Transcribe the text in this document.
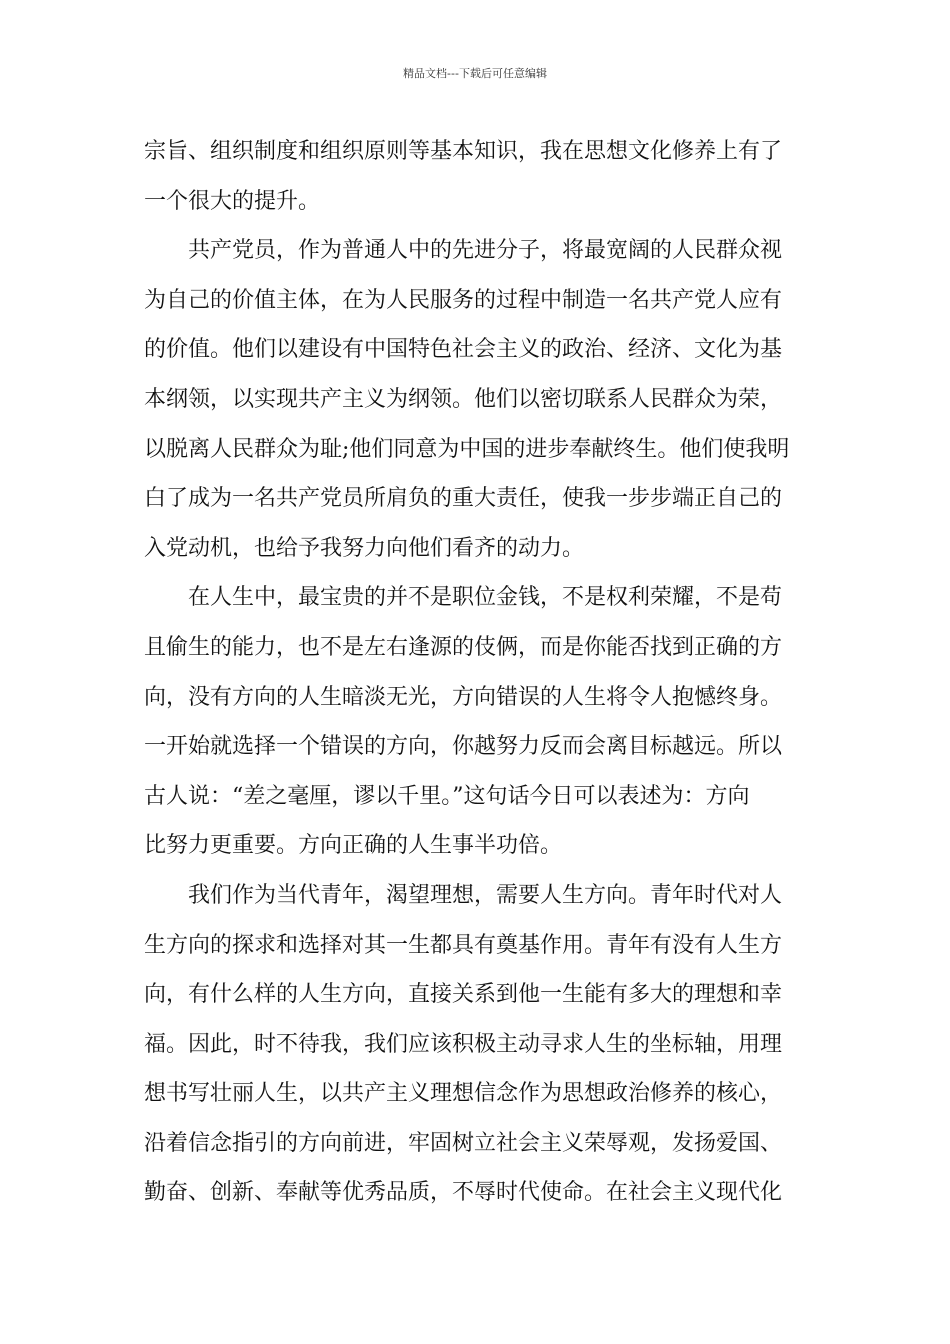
精品文档---下载后可任意编辑

宗旨、组织制度和组织原则等基本知识，我在思想文化修养上有了
一个很大的提升。

共产党员，作为普通人中的先进分子，将最宽阔的人民群众视
为自己的价值主体，在为人民服务的过程中制造一名共产党人应有
的价值。他们以建设有中国特色社会主义的政治、经济、文化为基
本纲领，以实现共产主义为纲领。他们以密切联系人民群众为荣，
以脱离人民群众为耻;他们同意为中国的进步奉献终生。他们使我明
白了成为一名共产党员所肩负的重大责任，使我一步步端正自己的
入党动机，也给予我努力向他们看齐的动力。

在人生中，最宝贵的并不是职位金钱，不是权利荣耀，不是苟
且偷生的能力，也不是左右逢源的伎俩，而是你能否找到正确的方
向，没有方向的人生暗淡无光，方向错误的人生将令人抱憾终身。
一开始就选择一个错误的方向，你越努力反而会离目标越远。所以
古人说：“差之毫厘，谬以千里。”这句话今日可以表述为：方向
比努力更重要。方向正确的人生事半功倍。

我们作为当代青年，渴望理想，需要人生方向。青年时代对人
生方向的探求和选择对其一生都具有奠基作用。青年有没有人生方
向，有什么样的人生方向，直接关系到他一生能有多大的理想和幸
福。因此，时不待我，我们应该积极主动寻求人生的坐标轴，用理
想书写壮丽人生，以共产主义理想信念作为思想政治修养的核心，
沿着信念指引的方向前进，牢固树立社会主义荣辱观，发扬爱国、
勤奋、创新、奉献等优秀品质，不辱时代使命。在社会主义现代化
